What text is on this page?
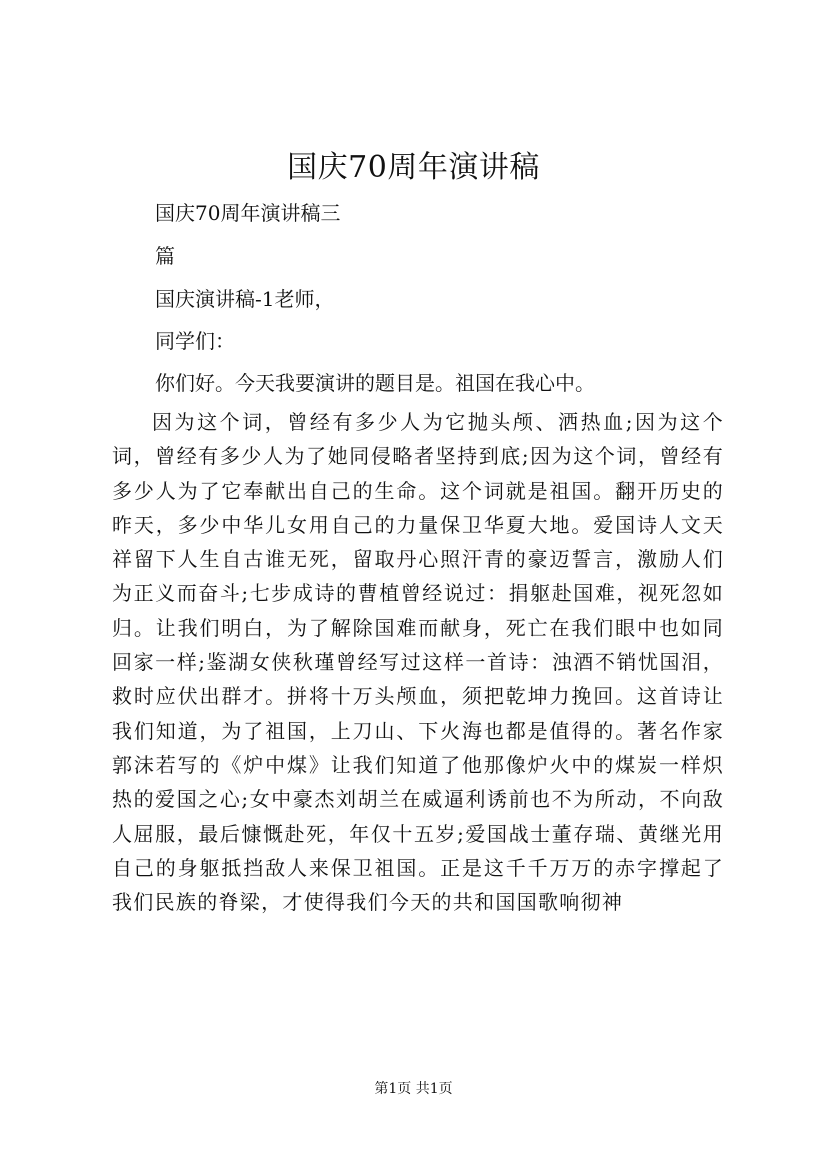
国庆70周年演讲稿
国庆70周年演讲稿三
篇
国庆演讲稿-1老师，
同学们：
你们好。今天我要演讲的题目是。祖国在我心中。
因为这个词，曾经有多少人为它抛头颅、洒热血;因为这个词，曾经有多少人为了她同侵略者坚持到底;因为这个词，曾经有多少人为了它奉献出自己的生命。这个词就是祖国。翻开历史的昨天，多少中华儿女用自己的力量保卫华夏大地。爱国诗人文天祥留下人生自古谁无死，留取丹心照汗青的豪迈誓言，激励人们为正义而奋斗;七步成诗的曹植曾经说过：捐躯赴国难，视死忽如归。让我们明白，为了解除国难而献身，死亡在我们眼中也如同回家一样;鉴湖女侠秋瑾曾经写过这样一首诗：浊酒不销忧国泪，救时应伏出群才。拼将十万头颅血，须把乾坤力挽回。这首诗让我们知道，为了祖国，上刀山、下火海也都是值得的。著名作家郭沫若写的《炉中煤》让我们知道了他那像炉火中的煤炭一样炽热的爱国之心;女中豪杰刘胡兰在威逼利诱前也不为所动，不向敌人屈服，最后慷慨赴死，年仅十五岁;爱国战士董存瑞、黄继光用自己的身躯抵挡敌人来保卫祖国。正是这千千万万的赤字撑起了我们民族的脊梁，才使得我们今天的共和国国歌响彻神
第1页 共1页
